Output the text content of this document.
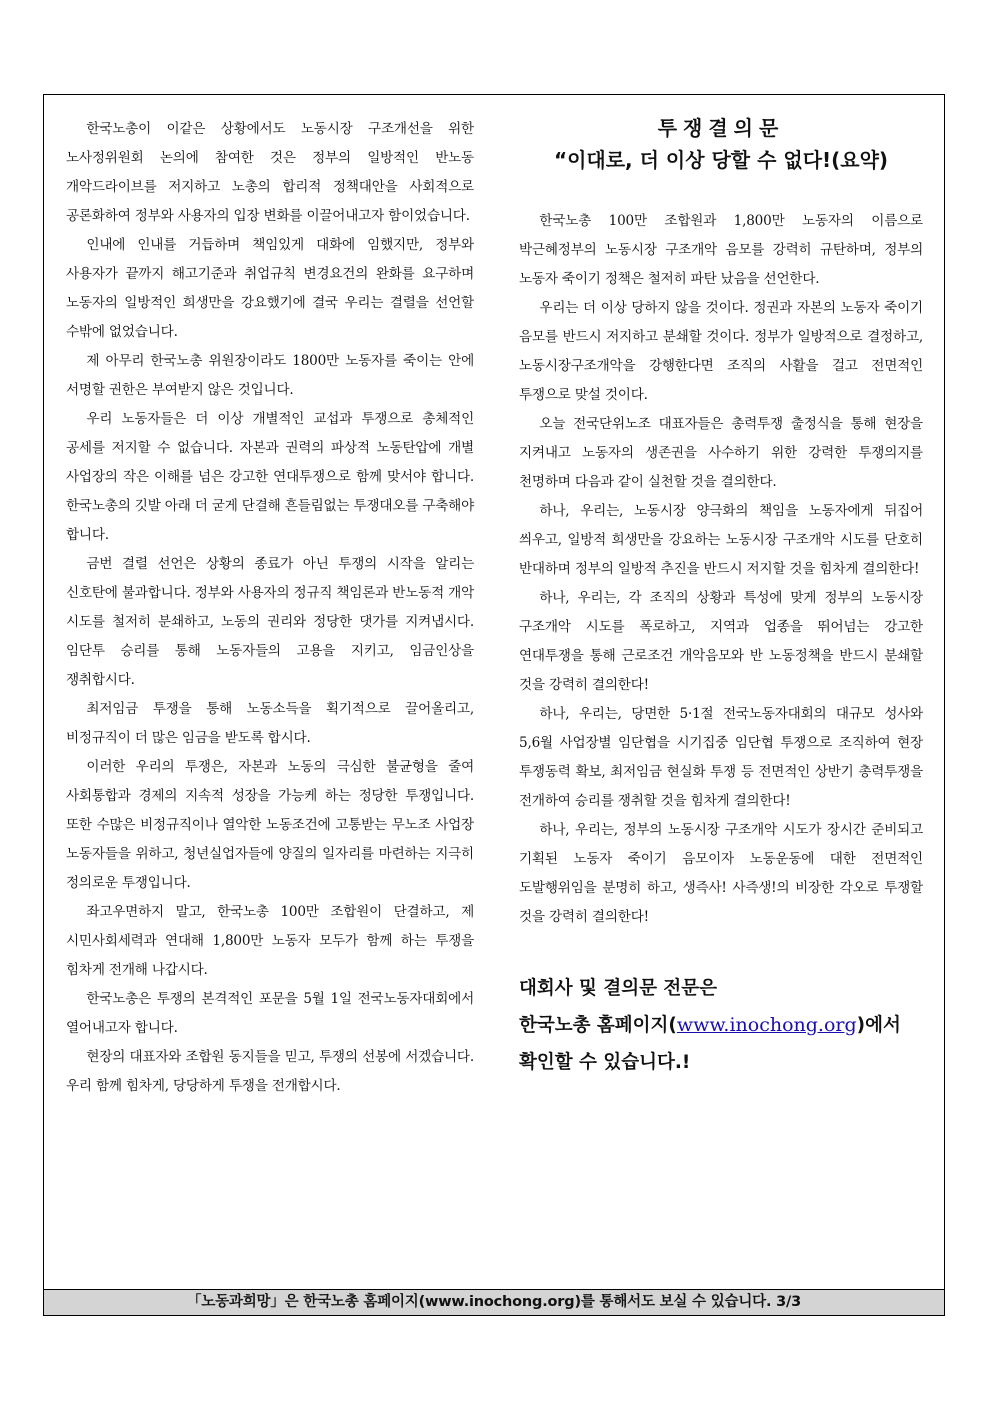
한국노총이 이같은 상황에서도 노동시장 구조개선을 위한 노사정위원회 논의에 참여한 것은 정부의 일방적인 반노동 개악드라이브를 저지하고 노총의 합리적 정책대안을 사회적으로 공론화하여 정부와 사용자의 입장 변화를 이끌어내고자 함이었습니다.

인내에 인내를 거듭하며 책임있게 대화에 임했지만, 정부와 사용자가 끝까지 해고기준과 취업규칙 변경요건의 완화를 요구하며 노동자의 일방적인 희생만을 강요했기에 결국 우리는 결렬을 선언할 수밖에 없었습니다.

제 아무리 한국노총 위원장이라도 1800만 노동자를 죽이는 안에 서명할 권한은 부여받지 않은 것입니다.

우리 노동자들은 더 이상 개별적인 교섭과 투쟁으로 총체적인 공세를 저지할 수 없습니다. 자본과 권력의 파상적 노동탄압에 개별 사업장의 작은 이해를 넘은 강고한 연대투쟁으로 함께 맞서야 합니다. 한국노총의 깃발 아래 더 굳게 단결해 흔들림없는 투쟁대오를 구축해야 합니다.

금번 결렬 선언은 상황의 종료가 아닌 투쟁의 시작을 알리는 신호탄에 불과합니다. 정부와 사용자의 정규직 책임론과 반노동적 개악 시도를 철저히 분쇄하고, 노동의 권리와 정당한 댓가를 지켜냅시다. 임단투 승리를 통해 노동자들의 고용을 지키고, 임금인상을 쟁취합시다.

최저임금 투쟁을 통해 노동소득을 획기적으로 끌어올리고, 비정규직이 더 많은 임금을 받도록 합시다.

이러한 우리의 투쟁은, 자본과 노동의 극심한 불균형을 줄여 사회통합과 경제의 지속적 성장을 가능케 하는 정당한 투쟁입니다. 또한 수많은 비정규직이나 열악한 노동조건에 고통받는 무노조 사업장 노동자들을 위하고, 청년실업자들에 양질의 일자리를 마련하는 지극히 정의로운 투쟁입니다.

좌고우면하지 말고, 한국노총 100만 조합원이 단결하고, 제 시민사회세력과 연대해 1,800만 노동자 모두가 함께 하는 투쟁을 힘차게 전개해 나갑시다.

한국노총은 투쟁의 본격적인 포문을 5월 1일 전국노동자대회에서 열어내고자 합니다.

현장의 대표자와 조합원 동지들을 믿고, 투쟁의 선봉에 서겠습니다. 우리 함께 힘차게, 당당하게 투쟁을 전개합시다.

투쟁결의문
“이대로, 더 이상 당할 수 없다!(요약)

한국노총 100만 조합원과 1,800만 노동자의 이름으로 박근혜정부의 노동시장 구조개악 음모를 강력히 규탄하며, 정부의 노동자 죽이기 정책은 철저히 파탄 났음을 선언한다.

우리는 더 이상 당하지 않을 것이다. 정권과 자본의 노동자 죽이기 음모를 반드시 저지하고 분쇄할 것이다. 정부가 일방적으로 결정하고, 노동시장구조개악을 강행한다면 조직의 사활을 걸고 전면적인 투쟁으로 맞설 것이다.

오늘 전국단위노조 대표자들은 총력투쟁 출정식을 통해 현장을 지켜내고 노동자의 생존권을 사수하기 위한 강력한 투쟁의지를 천명하며 다음과 같이 실천할 것을 결의한다.

하나, 우리는, 노동시장 양극화의 책임을 노동자에게 뒤집어 씌우고, 일방적 희생만을 강요하는 노동시장 구조개악 시도를 단호히 반대하며 정부의 일방적 추진을 반드시 저지할 것을 힘차게 결의한다!

하나, 우리는, 각 조직의 상황과 특성에 맞게 정부의 노동시장 구조개악 시도를 폭로하고, 지역과 업종을 뛰어넘는 강고한 연대투쟁을 통해 근로조건 개악음모와 반 노동정책을 반드시 분쇄할 것을 강력히 결의한다!

하나, 우리는, 당면한 5·1절 전국노동자대회의 대규모 성사와 5,6월 사업장별 임단협을 시기집중 임단협 투쟁으로 조직하여 현장 투쟁동력 확보, 최저임금 현실화 투쟁 등 전면적인 상반기 총력투쟁을 전개하여 승리를 쟁취할 것을 힘차게 결의한다!

하나, 우리는, 정부의 노동시장 구조개악 시도가 장시간 준비되고 기획된 노동자 죽이기 음모이자 노동운동에 대한 전면적인 도발행위임을 분명히 하고, 생즉사! 사즉생!의 비장한 각오로 투쟁할 것을 강력히 결의한다!

대회사 및 결의문 전문은

한국노총 홈페이지(www.inochong.org)에서

확인할 수 있습니다.!

「노동과희망」은 한국노총 홈페이지(www.inochong.org)를 통해서도 보실 수 있습니다. 3/3
